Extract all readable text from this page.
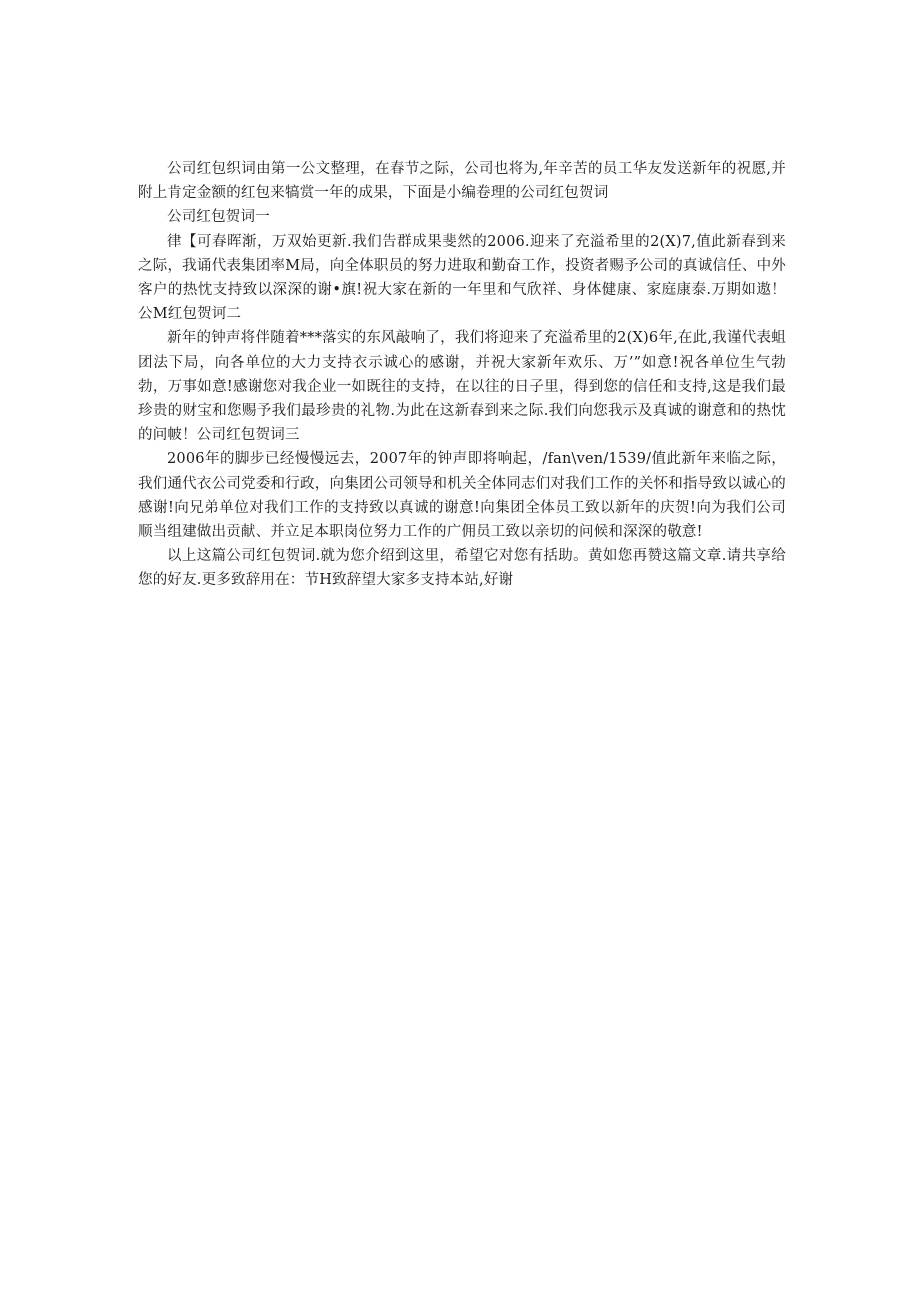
公司红包织词由第一公文整理，在春节之际，公司也将为,年辛苦的员工华友发送新年的祝愿,并附上肯定金额的红包来犒赏一年的成果，下面是小编卷理的公司红包贺词

公司红包贺词一

律【可春晖渐，万双始更新.我们告群成果斐然的2006.迎来了充溢希里的2(X)7,值此新春到来之际，我诵代表集团率M局，向全体职员的努力进取和勤奋工作，投资者赐予公司的真诚信任、中外客户的热忱支持致以深深的谢•旗!祝大家在新的一年里和气欣祥、身体健康、家庭康泰.万期如遨！公M红包贺诃二

新年的钟声将伴随着***落实的东风敲响了，我们将迎来了充溢希里的2(X)6年,在此,我谨代表蛆团法下局，向各单位的大力支持衣示诚心的感谢，并祝大家新年欢乐、万’”如意!祝各单位生气勃勃，万事如意!感谢您对我企业一如既往的支持，在以往的日子里，得到您的信任和支持,这是我们最珍贵的财宝和您赐予我们最珍贵的礼物.为此在这新春到来之际.我们向您我示及真诚的谢意和的热忱的问帔！公司红包贺词三

2006年的脚步已经慢慢远去，2007年的钟声即将响起，/fan\ven/1539/值此新年来临之际，我们通代衣公司党委和行政，向集团公司领导和机关全体同志们对我们工作的关怀和指导致以诚心的感谢!向兄弟单位对我们工作的支持致以真诚的谢意!向集团全体员工致以新年的庆贺!向为我们公司顺当组建做出贡献、并立足本职岗位努力工作的广佣员工致以亲切的问候和深深的敬意!

以上这篇公司红包贺词.就为您介绍到这里，希望它对您有括助。黄如您再赞这篇文章.请共享给您的好友.更多致辞用在：节H致辞望大家多支持本站,好谢
